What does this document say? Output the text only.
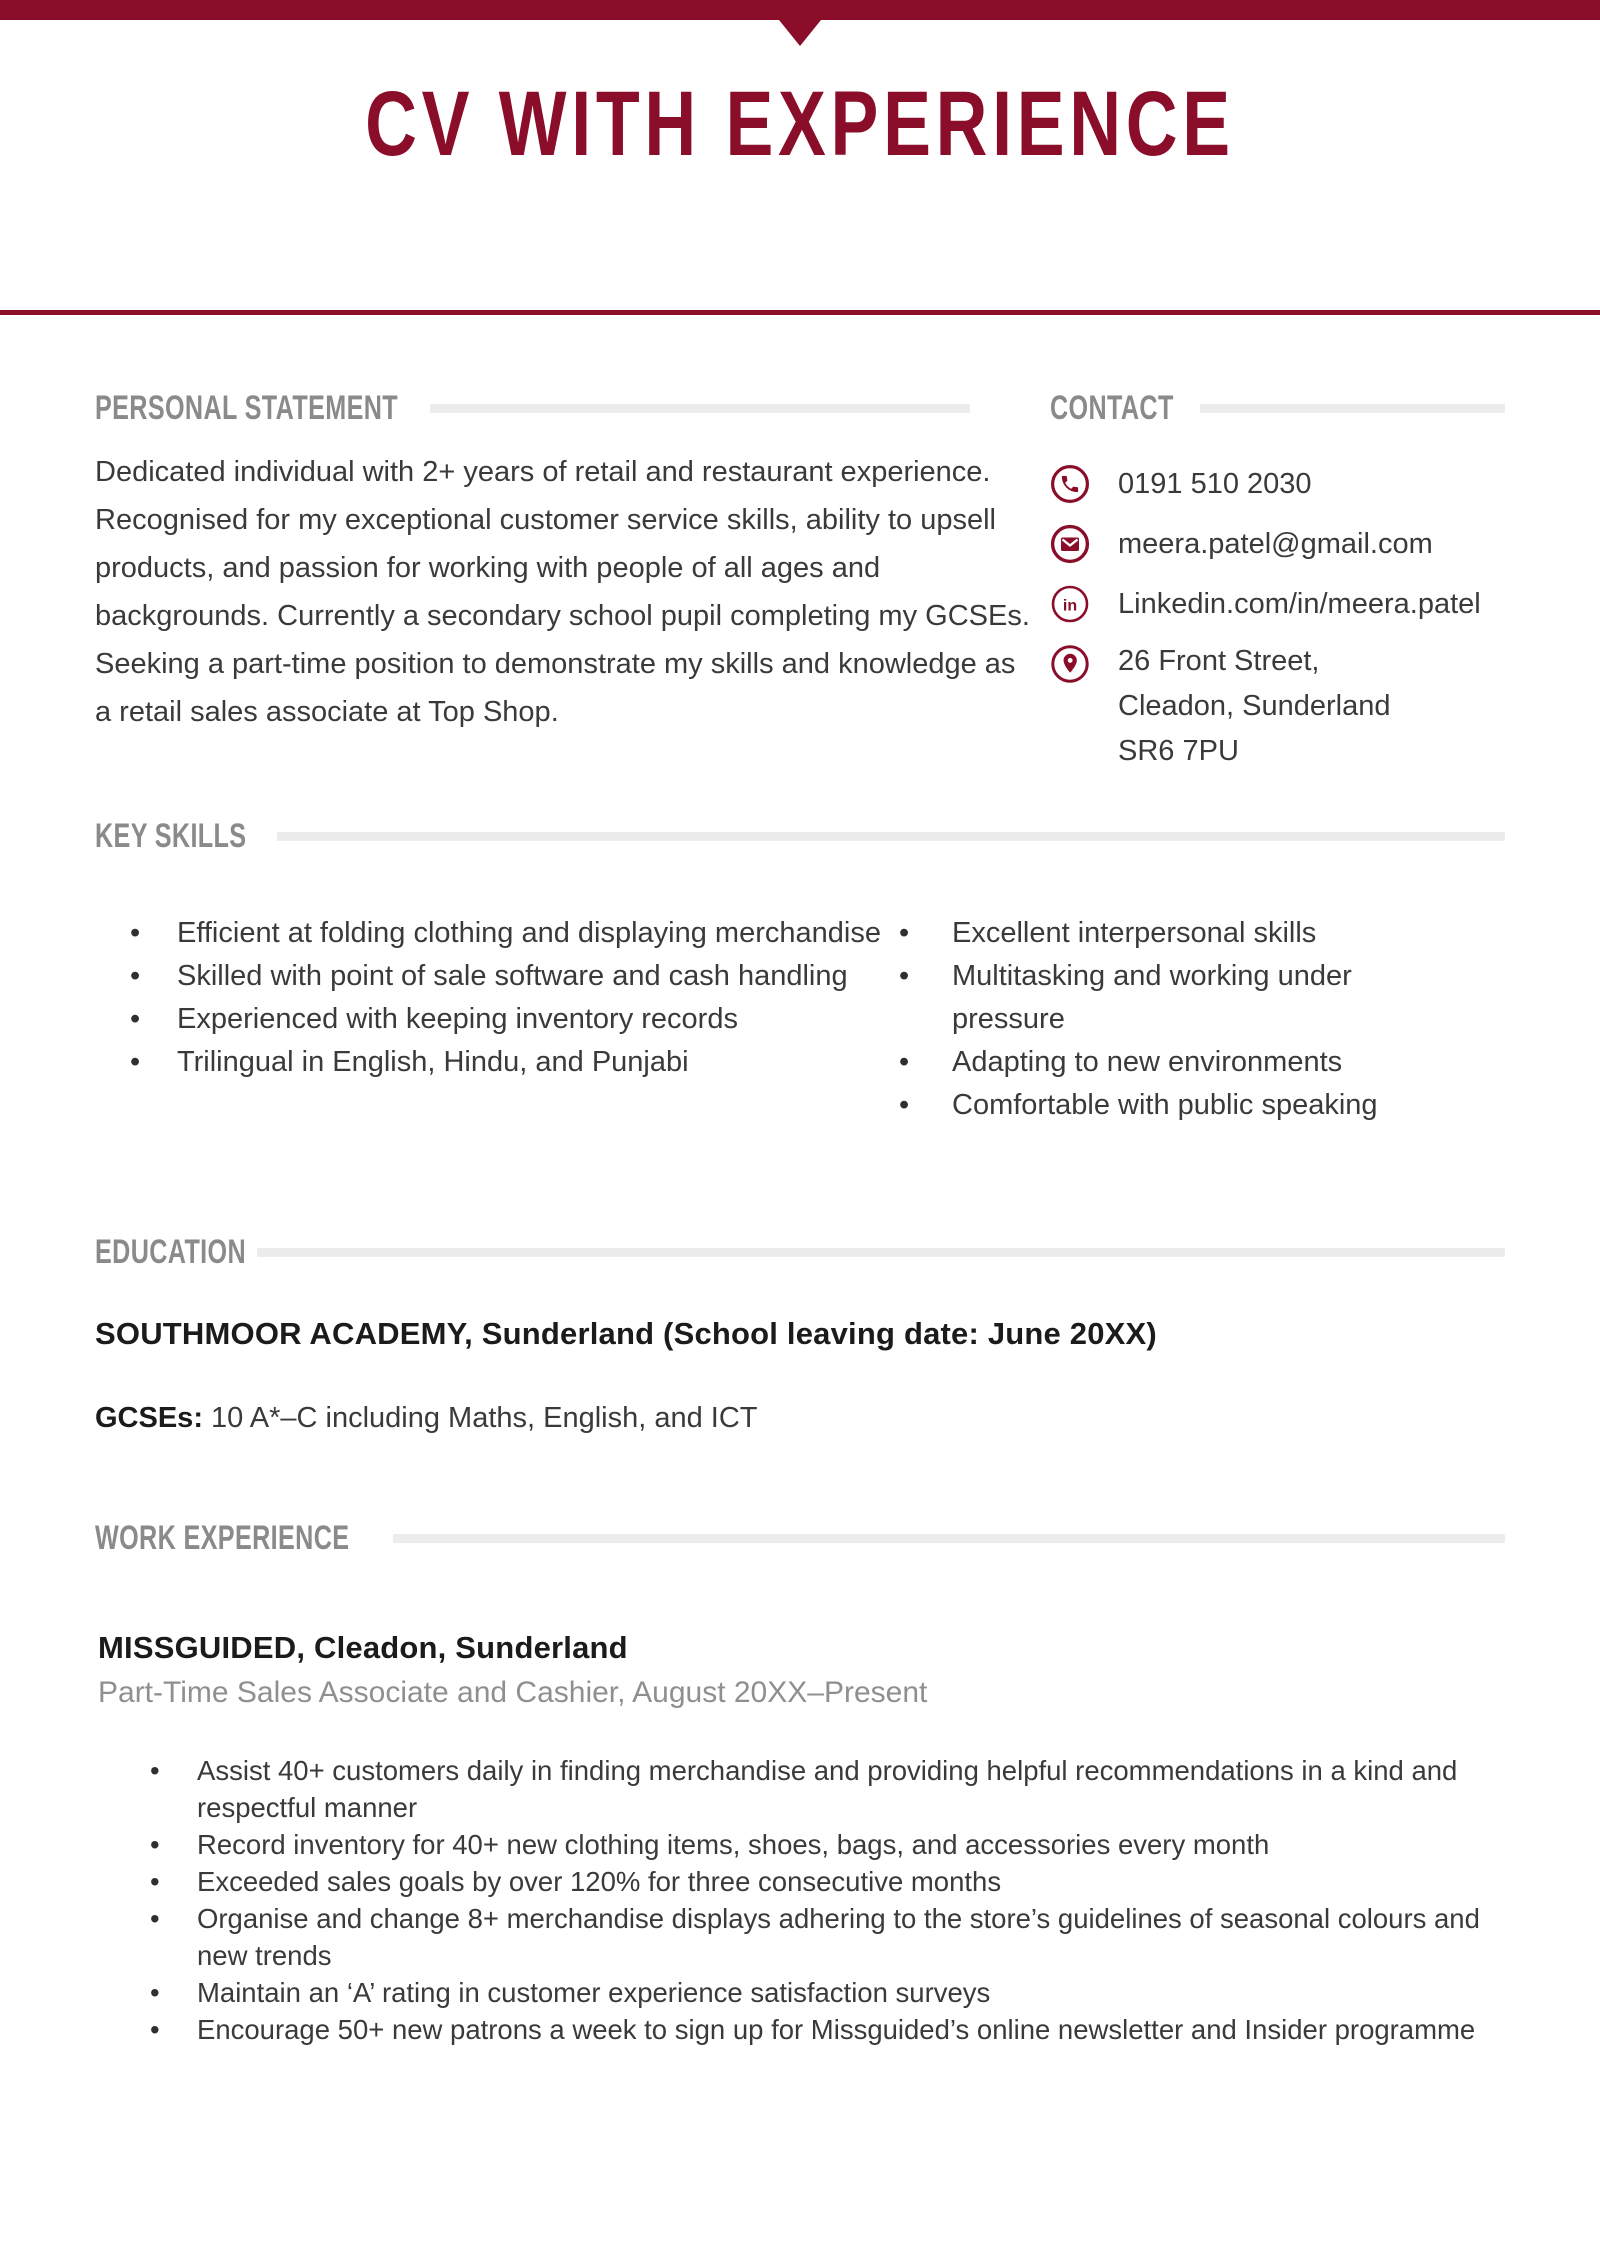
CV WITH EXPERIENCE
PERSONAL STATEMENT
Dedicated individual with 2+ years of retail and restaurant experience. Recognised for my exceptional customer service skills, ability to upsell products, and passion for working with people of all ages and backgrounds. Currently a secondary school pupil completing my GCSEs. Seeking a part-time position to demonstrate my skills and knowledge as a retail sales associate at Top Shop.
CONTACT
0191 510 2030
meera.patel@gmail.com
in Linkedin.com/in/meera.patel
26 Front Street,
Cleadon, Sunderland
SR6 7PU
KEY SKILLS
• Efficient at folding clothing and displaying merchandise
• Skilled with point of sale software and cash handling
• Experienced with keeping inventory records
• Trilingual in English, Hindu, and Punjabi
• Excellent interpersonal skills
• Multitasking and working under pressure
• Adapting to new environments
• Comfortable with public speaking
EDUCATION
SOUTHMOOR ACADEMY, Sunderland (School leaving date: June 20XX)
GCSEs: 10 A*–C including Maths, English, and ICT
WORK EXPERIENCE
MISSGUIDED, Cleadon, Sunderland
Part-Time Sales Associate and Cashier, August 20XX–Present
• Assist 40+ customers daily in finding merchandise and providing helpful recommendations in a kind and respectful manner
• Record inventory for 40+ new clothing items, shoes, bags, and accessories every month
• Exceeded sales goals by over 120% for three consecutive months
• Organise and change 8+ merchandise displays adhering to the store’s guidelines of seasonal colours and new trends
• Maintain an ‘A’ rating in customer experience satisfaction surveys
• Encourage 50+ new patrons a week to sign up for Missguided’s online newsletter and Insider programme
